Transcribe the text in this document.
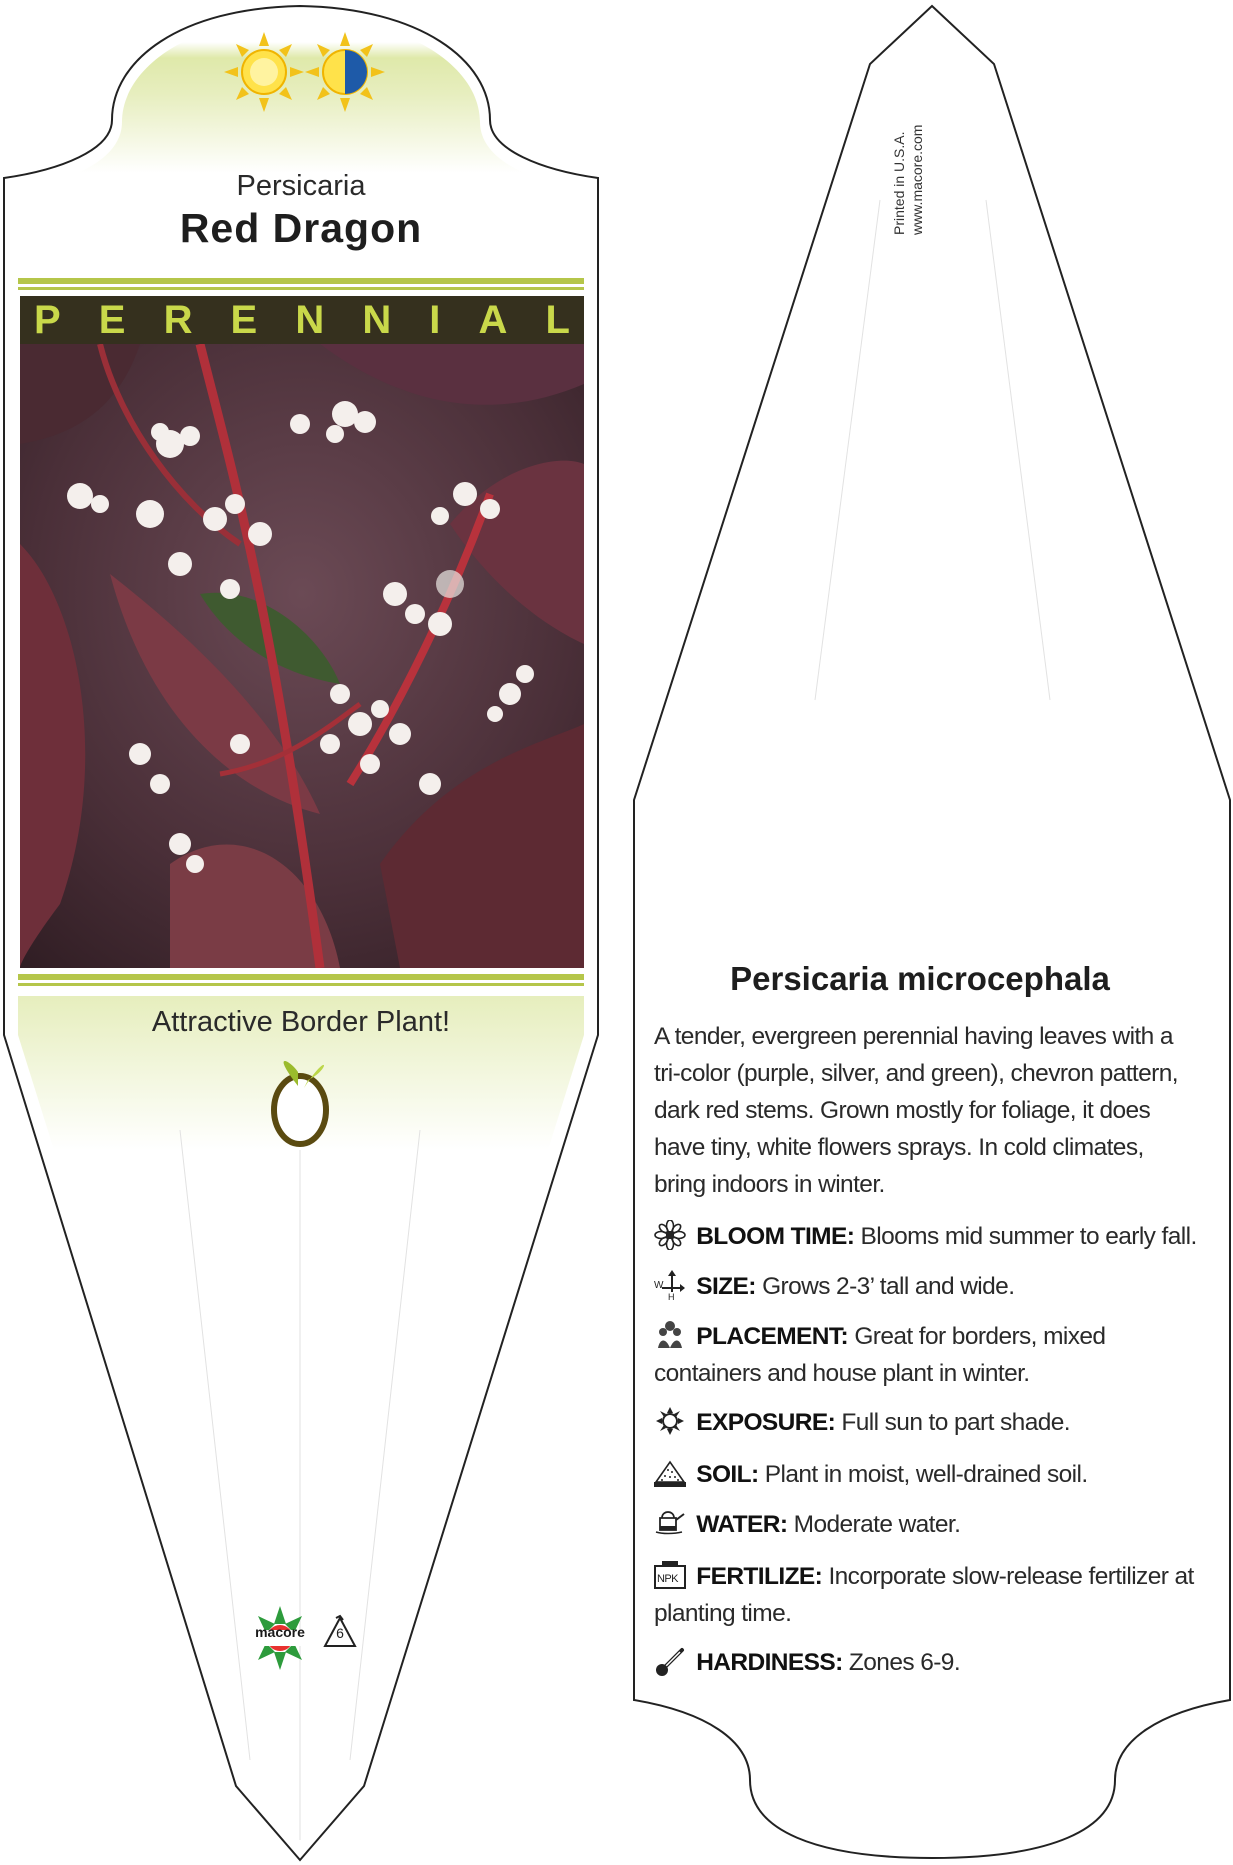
Persicaria
Red Dragon
P E R E N N I A L
Attractive Border Plant!
macore	6
Printed in U.S.A. www.macore.com
Persicaria microcephala
A tender, evergreen perennial having leaves with a tri-color (purple, silver, and green), chevron pattern, dark red stems. Grown mostly for foliage, it does have tiny, white flowers sprays. In cold climates, bring indoors in winter.
BLOOM TIME: Blooms mid summer to early fall.
W
H SIZE: Grows 2-3’ tall and wide.
PLACEMENT: Great for borders, mixed containers and house plant in winter.
EXPOSURE: Full sun to part shade.
SOIL: Plant in moist, well-drained soil.
WATER: Moderate water.
NPK FERTILIZE: Incorporate slow-release fertilizer at planting time.
HARDINESS: Zones 6-9.
